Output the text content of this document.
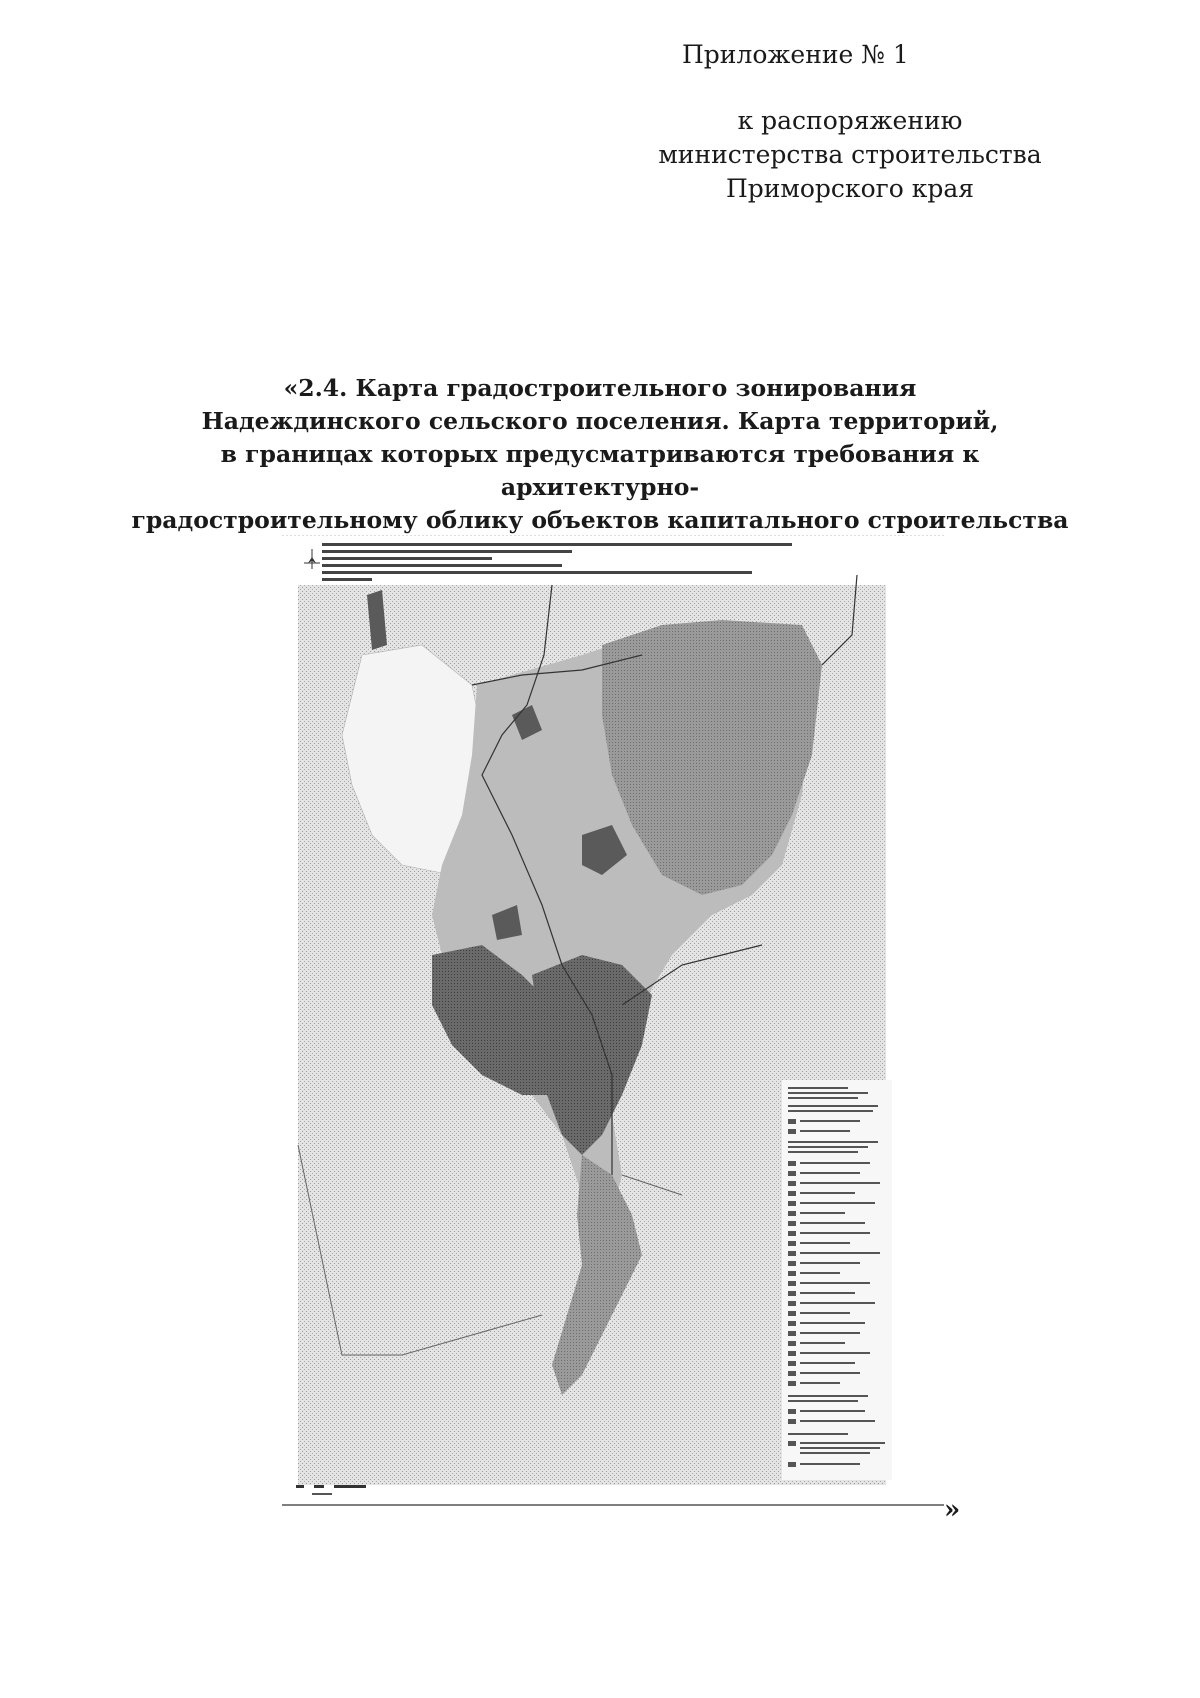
Приложение № 1
к распоряжению
министерства строительства
Приморского края
«2.4. Карта градостроительного зонирования
Надеждинского сельского поселения. Карта территорий,
в границах которых предусматриваются требования к архитектурно-
градостроительному облику объектов капитального строительства
»
